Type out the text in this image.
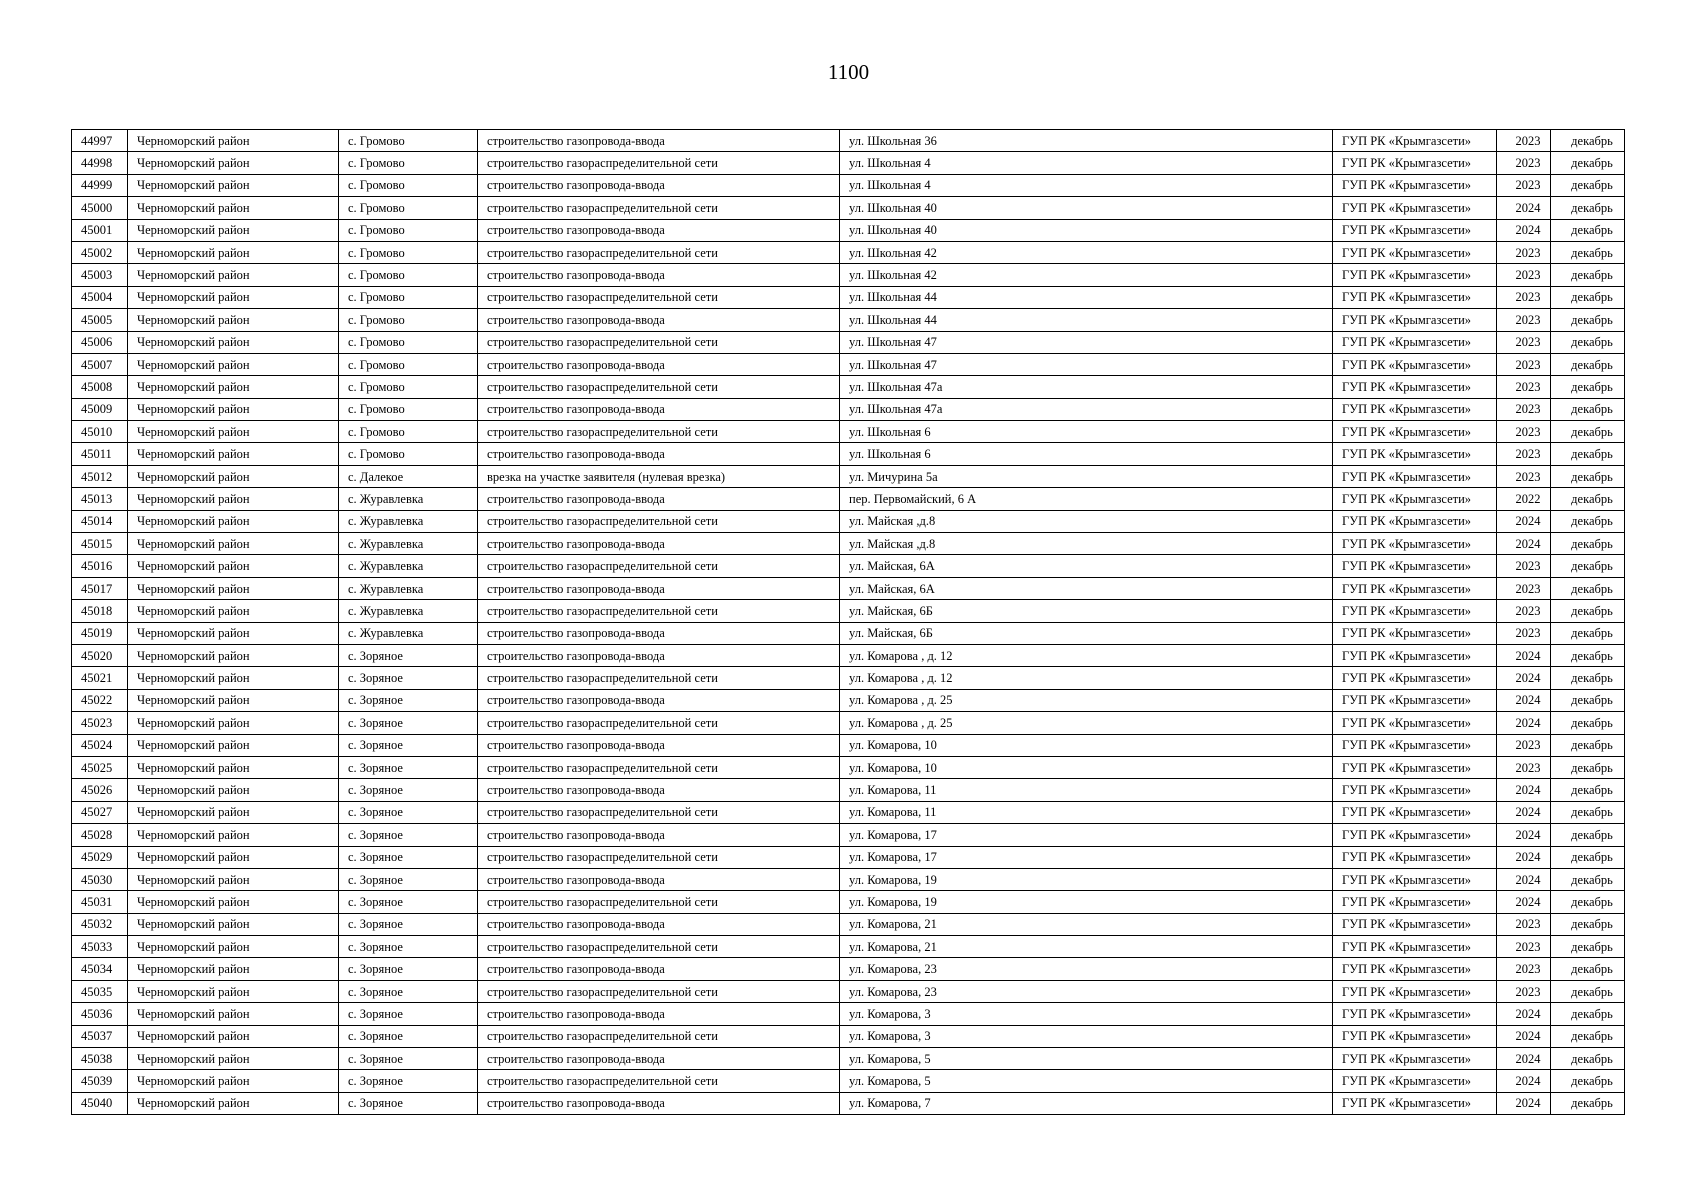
1100
44997	Черноморский район	с. Громово	строительство газопровода-ввода	ул. Школьная 36	ГУП РК «Крымгазсети»	2023	декабрь
44998	Черноморский район	с. Громово	строительство газораспределительной сети	ул. Школьная 4	ГУП РК «Крымгазсети»	2023	декабрь
44999	Черноморский район	с. Громово	строительство газопровода-ввода	ул. Школьная 4	ГУП РК «Крымгазсети»	2023	декабрь
45000	Черноморский район	с. Громово	строительство газораспределительной сети	ул. Школьная 40	ГУП РК «Крымгазсети»	2024	декабрь
45001	Черноморский район	с. Громово	строительство газопровода-ввода	ул. Школьная 40	ГУП РК «Крымгазсети»	2024	декабрь
45002	Черноморский район	с. Громово	строительство газораспределительной сети	ул. Школьная 42	ГУП РК «Крымгазсети»	2023	декабрь
45003	Черноморский район	с. Громово	строительство газопровода-ввода	ул. Школьная 42	ГУП РК «Крымгазсети»	2023	декабрь
45004	Черноморский район	с. Громово	строительство газораспределительной сети	ул. Школьная 44	ГУП РК «Крымгазсети»	2023	декабрь
45005	Черноморский район	с. Громово	строительство газопровода-ввода	ул. Школьная 44	ГУП РК «Крымгазсети»	2023	декабрь
45006	Черноморский район	с. Громово	строительство газораспределительной сети	ул. Школьная 47	ГУП РК «Крымгазсети»	2023	декабрь
45007	Черноморский район	с. Громово	строительство газопровода-ввода	ул. Школьная 47	ГУП РК «Крымгазсети»	2023	декабрь
45008	Черноморский район	с. Громово	строительство газораспределительной сети	ул. Школьная 47а	ГУП РК «Крымгазсети»	2023	декабрь
45009	Черноморский район	с. Громово	строительство газопровода-ввода	ул. Школьная 47а	ГУП РК «Крымгазсети»	2023	декабрь
45010	Черноморский район	с. Громово	строительство газораспределительной сети	ул. Школьная 6	ГУП РК «Крымгазсети»	2023	декабрь
45011	Черноморский район	с. Громово	строительство газопровода-ввода	ул. Школьная 6	ГУП РК «Крымгазсети»	2023	декабрь
45012	Черноморский район	с. Далекое	врезка на участке заявителя (нулевая врезка)	ул. Мичурина 5а	ГУП РК «Крымгазсети»	2023	декабрь
45013	Черноморский район	с. Журавлевка	строительство газопровода-ввода	пер. Первомайский, 6 А	ГУП РК «Крымгазсети»	2022	декабрь
45014	Черноморский район	с. Журавлевка	строительство газораспределительной сети	ул. Майская ,д.8	ГУП РК «Крымгазсети»	2024	декабрь
45015	Черноморский район	с. Журавлевка	строительство газопровода-ввода	ул. Майская ,д.8	ГУП РК «Крымгазсети»	2024	декабрь
45016	Черноморский район	с. Журавлевка	строительство газораспределительной сети	ул. Майская, 6А	ГУП РК «Крымгазсети»	2023	декабрь
45017	Черноморский район	с. Журавлевка	строительство газопровода-ввода	ул. Майская, 6А	ГУП РК «Крымгазсети»	2023	декабрь
45018	Черноморский район	с. Журавлевка	строительство газораспределительной сети	ул. Майская, 6Б	ГУП РК «Крымгазсети»	2023	декабрь
45019	Черноморский район	с. Журавлевка	строительство газопровода-ввода	ул. Майская, 6Б	ГУП РК «Крымгазсети»	2023	декабрь
45020	Черноморский район	с. Зоряное	строительство газопровода-ввода	ул. Комарова , д. 12	ГУП РК «Крымгазсети»	2024	декабрь
45021	Черноморский район	с. Зоряное	строительство газораспределительной сети	ул. Комарова , д. 12	ГУП РК «Крымгазсети»	2024	декабрь
45022	Черноморский район	с. Зоряное	строительство газопровода-ввода	ул. Комарова , д. 25	ГУП РК «Крымгазсети»	2024	декабрь
45023	Черноморский район	с. Зоряное	строительство газораспределительной сети	ул. Комарова , д. 25	ГУП РК «Крымгазсети»	2024	декабрь
45024	Черноморский район	с. Зоряное	строительство газопровода-ввода	ул. Комарова, 10	ГУП РК «Крымгазсети»	2023	декабрь
45025	Черноморский район	с. Зоряное	строительство газораспределительной сети	ул. Комарова, 10	ГУП РК «Крымгазсети»	2023	декабрь
45026	Черноморский район	с. Зоряное	строительство газопровода-ввода	ул. Комарова, 11	ГУП РК «Крымгазсети»	2024	декабрь
45027	Черноморский район	с. Зоряное	строительство газораспределительной сети	ул. Комарова, 11	ГУП РК «Крымгазсети»	2024	декабрь
45028	Черноморский район	с. Зоряное	строительство газопровода-ввода	ул. Комарова, 17	ГУП РК «Крымгазсети»	2024	декабрь
45029	Черноморский район	с. Зоряное	строительство газораспределительной сети	ул. Комарова, 17	ГУП РК «Крымгазсети»	2024	декабрь
45030	Черноморский район	с. Зоряное	строительство газопровода-ввода	ул. Комарова, 19	ГУП РК «Крымгазсети»	2024	декабрь
45031	Черноморский район	с. Зоряное	строительство газораспределительной сети	ул. Комарова, 19	ГУП РК «Крымгазсети»	2024	декабрь
45032	Черноморский район	с. Зоряное	строительство газопровода-ввода	ул. Комарова, 21	ГУП РК «Крымгазсети»	2023	декабрь
45033	Черноморский район	с. Зоряное	строительство газораспределительной сети	ул. Комарова, 21	ГУП РК «Крымгазсети»	2023	декабрь
45034	Черноморский район	с. Зоряное	строительство газопровода-ввода	ул. Комарова, 23	ГУП РК «Крымгазсети»	2023	декабрь
45035	Черноморский район	с. Зоряное	строительство газораспределительной сети	ул. Комарова, 23	ГУП РК «Крымгазсети»	2023	декабрь
45036	Черноморский район	с. Зоряное	строительство газопровода-ввода	ул. Комарова, 3	ГУП РК «Крымгазсети»	2024	декабрь
45037	Черноморский район	с. Зоряное	строительство газораспределительной сети	ул. Комарова, 3	ГУП РК «Крымгазсети»	2024	декабрь
45038	Черноморский район	с. Зоряное	строительство газопровода-ввода	ул. Комарова, 5	ГУП РК «Крымгазсети»	2024	декабрь
45039	Черноморский район	с. Зоряное	строительство газораспределительной сети	ул. Комарова, 5	ГУП РК «Крымгазсети»	2024	декабрь
45040	Черноморский район	с. Зоряное	строительство газопровода-ввода	ул. Комарова, 7	ГУП РК «Крымгазсети»	2024	декабрь
